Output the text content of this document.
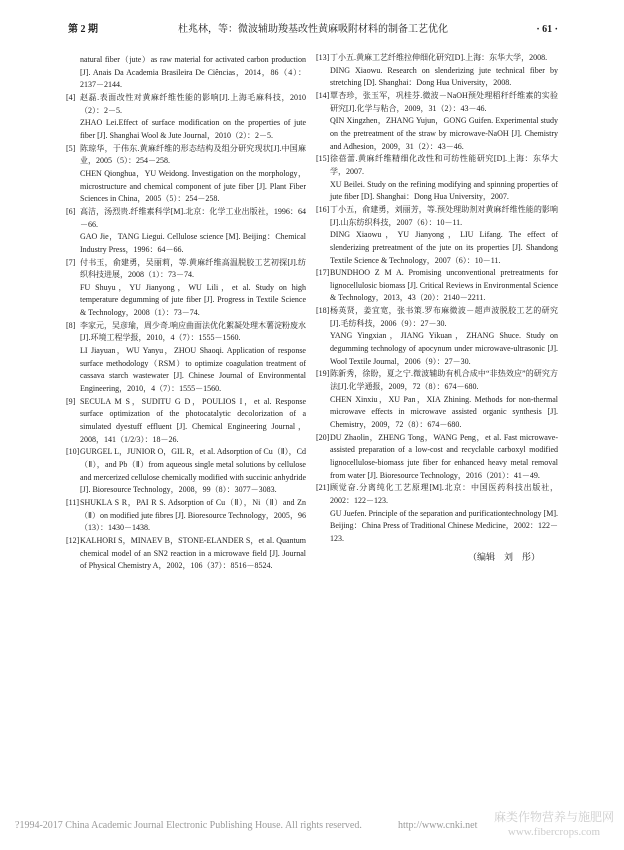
第 2 期	杜兆林，等：微波辅助羧基改性黄麻吸附材料的制备工艺优化	· 61 ·

natural fiber（jute）as raw material for activated carbon production [J]. Anais Da Academia Brasileira De Ciências，2014，86（4）：2137－2144.

[4] 赵磊.表面改性对黄麻纤维性能的影响[J].上海毛麻科技，2010（2）：2－5.

ZHAO Lei.Effect of surface modification on the properties of jute fiber [J]. Shanghai Wool & Jute Journal，2010（2）：2－5.

[5] 陈琼华，于伟东.黄麻纤维的形态结构及组分研究现状[J].中国麻业，2005（5）：254－258.

CHEN Qionghua，YU Weidong. Investigation on the morphology，microstructure and chemical component of jute fiber [J]. Plant Fiber Sciences in China，2005（5）：254－258.

[6] 高洁，汤烈贵.纤维素科学[M].北京：化学工业出版社，1996：64－66.

GAO Jie，TANG Liegui. Cellulose science [M]. Beijing：Chemical Industry Press，1996：64－66.

[7] 付书玉，俞建勇，吴丽莉，等.黄麻纤维高温脱胶工艺初探[J].纺织科技进展，2008（1）：73－74.

FU Shuyu，YU Jianyong，WU Lili，et al. Study on high temperature degumming of jute fiber [J]. Progress in Textile Science & Technology，2008（1）：73－74.

[8] 李家元，吴彦瑜，周少奇.响应曲面法优化絮凝处理木薯淀粉废水[J].环境工程学报，2010，4（7）：1555－1560.

LI Jiayuan，WU Yanyu，ZHOU Shaoqi. Application of response surface methodology（RSM）to optimize coagulation treatment of cassava starch wastewater [J]. Chinese Journal of Environmental Engineering，2010，4（7）：1555－1560.

[9] SECULA M S，SUDITU G D，POULIOS I，et al. Response surface optimization of the photocatalytic decolorization of a simulated dyestuff effluent [J]. Chemical Engineering Journal，2008，141（1/2/3）：18－26.

[10] GURGEL L，JUNIOR O，GIL R，et al. Adsorption of Cu（Ⅱ），Cd（Ⅱ），and Pb（Ⅱ）from aqueous single metal solutions by cellulose and mercerized cellulose chemically modified with succinic anhydride [J]. Bioresource Technology，2008，99（8）：3077－3083.

[11] SHUKLA S R，PAI R S. Adsorption of Cu（Ⅱ），Ni（Ⅱ）and Zn（Ⅱ）on modified jute fibres [J]. Bioresource Technology，2005，96（13）：1430－1438.

[12] KALHORI S，MINAEV B，STONE-ELANDER S，et al. Quantum chemical model of an SN2 reaction in a microwave field [J]. Journal of Physical Chemistry A，2002，106（37）：8516－8524.

[13] 丁小五.黄麻工艺纤维拉伸细化研究[D].上海：东华大学，2008.

DING Xiaowu. Research on slenderizing jute technical fiber by stretching [D]. Shanghai：Dong Hua University，2008.

[14] 覃杏珍，张玉军，巩桂芬.微波－NaOH预处理稻秆纤维素的实验研究[J].化学与粘合，2009，31（2）：43－46.

QIN Xingzhen，ZHANG Yujun，GONG Guifen. Experimental study on the pretreatment of the straw by microwave-NaOH [J]. Chemistry and Adhesion，2009，31（2）：43－46.

[15] 徐蓓蕾.黄麻纤维精细化改性和可纺性能研究[D].上海：东华大学，2007.

XU Beilei. Study on the refining modifying and spinning properties of jute fiber [D]. Shanghai：Dong Hua University，2007.

[16] 丁小五，俞建勇，刘丽芳，等.预处理助剂对黄麻纤维性能的影响[J].山东纺织科技，2007（6）：10－11.

DING Xiaowu，YU Jianyong，LIU Lifang. The effect of slenderizing pretreatment of the jute on its properties [J]. Shandong Textile Science & Technology，2007（6）：10－11.

[17] BUNDHOO Z M A. Promising unconventional pretreatments for lignocellulosic biomass [J]. Critical Reviews in Environmental Science & Technology，2013，43（20）：2140－2211.

[18] 杨英贤，姜宜宽，张书策.罗布麻微波－超声波脱胶工艺的研究[J].毛纺科技，2006（9）：27－30.

YANG Yingxian，JIANG Yikuan，ZHANG Shuce. Study on degumming technology of apocynum under microwave-ultrasonic [J]. Wool Textile Journal，2006（9）：27－30.

[19] 陈新秀，徐盼，夏之宁.微波辅助有机合成中“非热效应”的研究方法[J].化学通报，2009，72（8）：674－680.

CHEN Xinxiu，XU Pan，XIA Zhining. Methods for non-thermal microwave effects in microwave assisted organic synthesis [J]. Chemistry，2009，72（8）：674－680.

[20] DU Zhaolin，ZHENG Tong，WANG Peng，et al. Fast microwave-assisted preparation of a low-cost and recyclable carboxyl modified lignocellulose-biomass jute fiber for enhanced heavy metal removal from water [J]. Bioresource Technology，2016（201）：41－49.

[21] 顾觉奋.分离纯化工艺原理[M].北京：中国医药科技出版社，2002：122－123.

GU Juefen. Principle of the separation and purificationtechnology [M]. Beijing：China Press of Traditional Chinese Medicine，2002：122－123.

（编辑　刘　彤）
?1994-2017 China Academic Journal Electronic Publishing House. All rights reserved.	http://www.cnki.net
麻类作物营养与施肥网
www.fibercrops.com
